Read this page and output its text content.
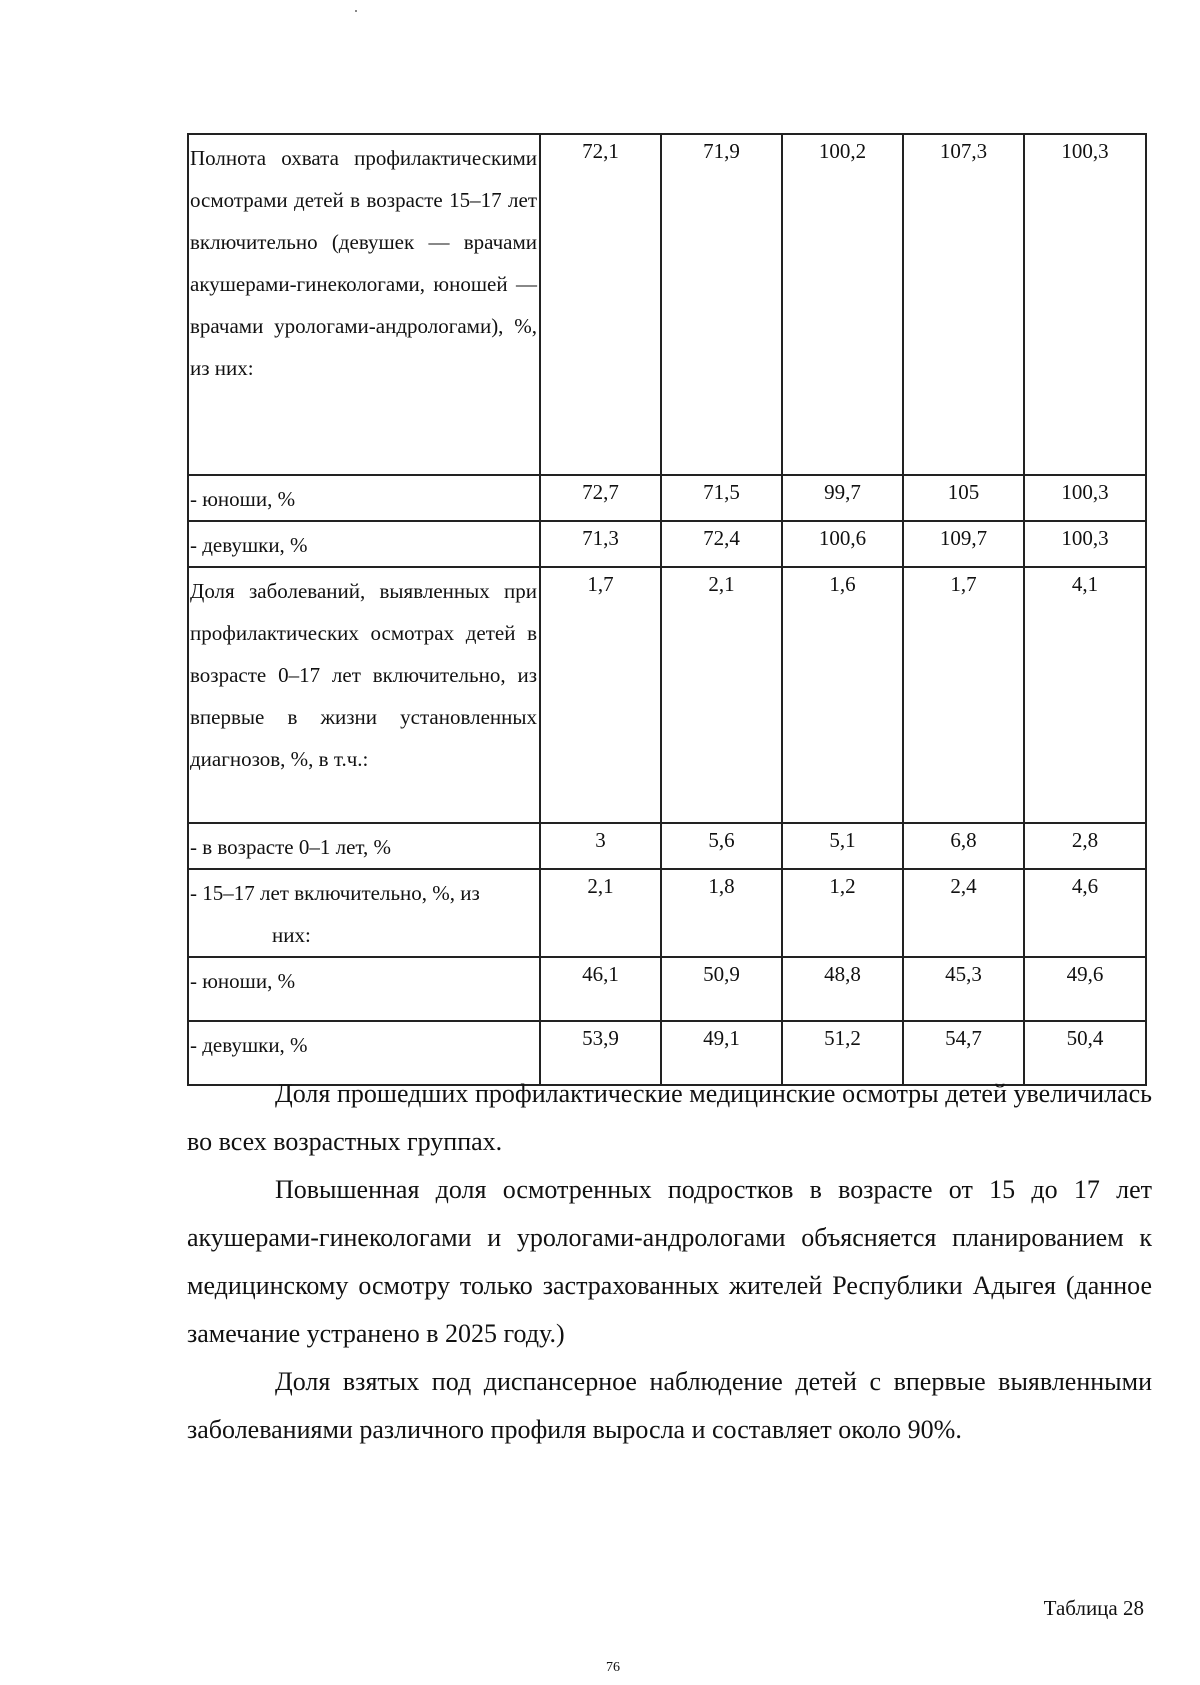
Полнота охвата профилактическими осмотрами детей в возрасте 15–17 лет включительно (девушек — врачами акушерами-гинекологами, юношей — врачами урологами-андрологами), %, из них:	72,1	71,9	100,2	107,3	100,3
- юноши, %	72,7	71,5	99,7	105	100,3
- девушки, %	71,3	72,4	100,6	109,7	100,3

Доля заболеваний, выявленных при профилактических осмотрах детей в возрасте 0–17 лет включительно, из впервые в жизни установленных диагнозов, %, в т.ч.:	1,7	2,1	1,6	1,7	4,1
- в возрасте 0–1 лет, %	3	5,6	5,1	6,8	2,8

- 15–17 лет включительно, %, из
них:	2,1	1,8	1,2	2,4	4,6
- юноши, %	46,1	50,9	48,8	45,3	49,6
- девушки, %	53,9	49,1	51,2	54,7	50,4

Доля прошедших профилактические медицинские осмотры детей увеличилась во всех возрастных группах.

Повышенная доля осмотренных подростков в возрасте от 15 до 17 лет акушерами-гинекологами и урологами-андрологами объясняется планированием к медицинскому осмотру только застрахованных жителей Республики Адыгея (данное замечание устранено в 2025 году.)

Доля взятых под диспансерное наблюдение детей с впервые выявленными заболеваниями различного профиля выросла и составляет около 90%.

Таблица 28
76
